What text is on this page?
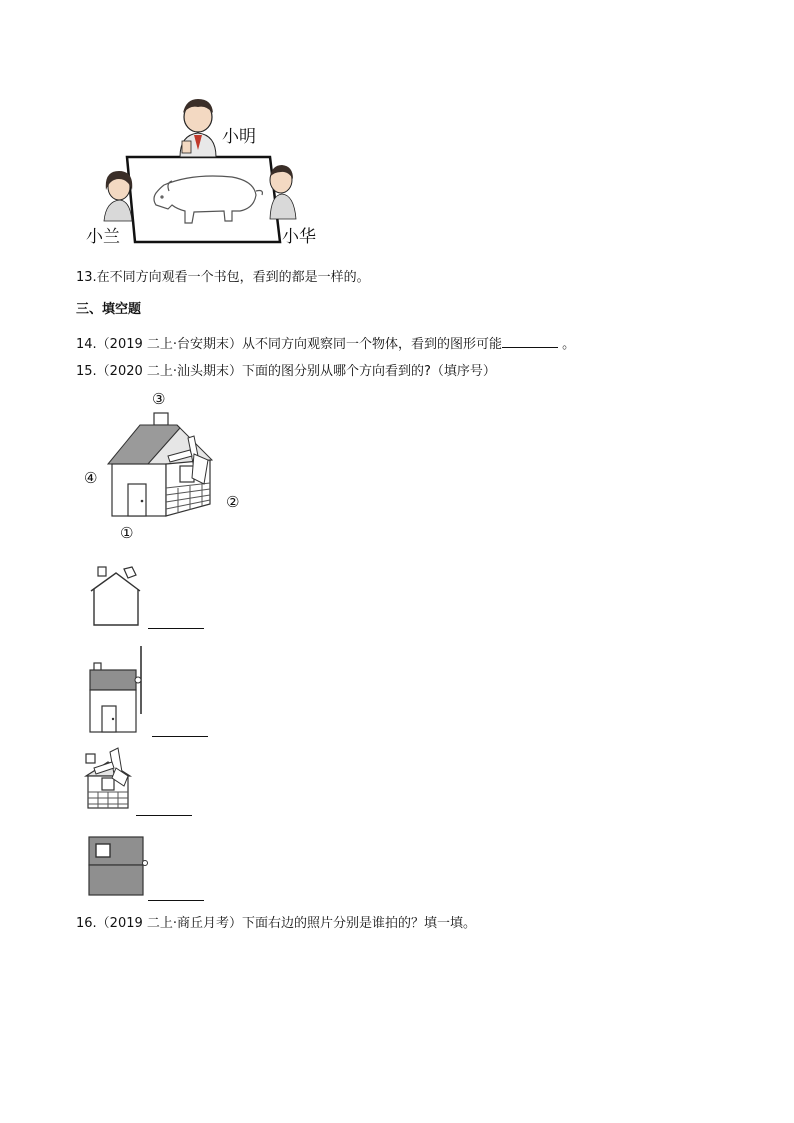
小明
小兰	小华
13.在不同方向观看一个书包，看到的都是一样的。
三、填空题
14.（2019 二上·台安期末）从不同方向观察同一个物体，看到的图形可能	。
15.（2020 二上·汕头期末）下面的图分别从哪个方向看到的?（填序号）
③
④
②
①
16.（2019 二上·商丘月考）下面右边的照片分别是谁拍的？填一填。
